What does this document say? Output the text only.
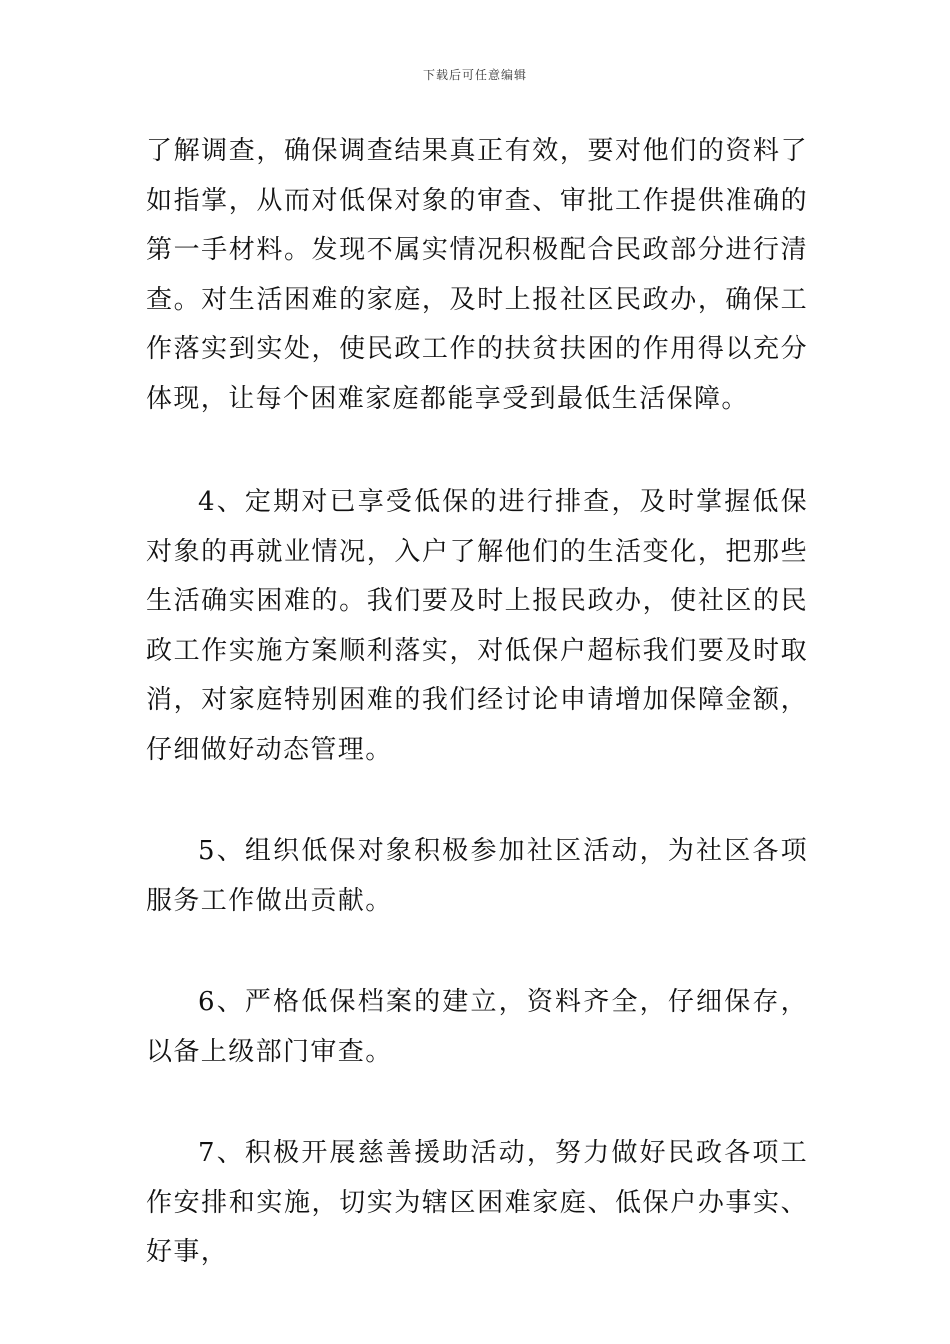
下载后可任意编辑

了解调查，确保调查结果真正有效，要对他们的资料了如指掌，从而对低保对象的审查、审批工作提供准确的第一手材料。发现不属实情况积极配合民政部分进行清查。对生活困难的家庭，及时上报社区民政办，确保工作落实到实处，使民政工作的扶贫扶困的作用得以充分体现，让每个困难家庭都能享受到最低生活保障。

4、定期对已享受低保的进行排查，及时掌握低保对象的再就业情况，入户了解他们的生活变化，把那些生活确实困难的。我们要及时上报民政办，使社区的民政工作实施方案顺利落实，对低保户超标我们要及时取消，对家庭特别困难的我们经讨论申请增加保障金额，仔细做好动态管理。

5、组织低保对象积极参加社区活动，为社区各项服务工作做出贡献。

6、严格低保档案的建立，资料齐全，仔细保存，以备上级部门审查。

7、积极开展慈善援助活动，努力做好民政各项工作安排和实施，切实为辖区困难家庭、低保户办事实、好事，
